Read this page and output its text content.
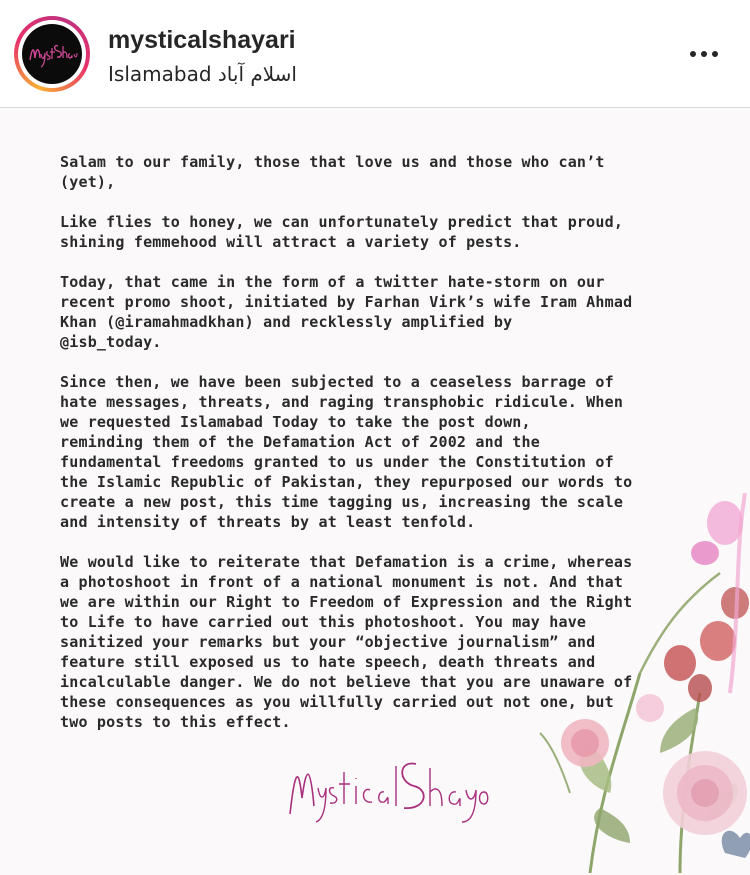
mysticalshayari
Islamabad اسلام آباد

Salam to our family, those that love us and those who can’t
(yet),

Like flies to honey, we can unfortunately predict that proud,
shining femmehood will attract a variety of pests.

Today, that came in the form of a twitter hate-storm on our
recent promo shoot, initiated by Farhan Virk’s wife Iram Ahmad
Khan (@iramahmadkhan) and recklessly amplified by
@isb_today.

Since then, we have been subjected to a ceaseless barrage of
hate messages, threats, and raging transphobic ridicule. When
we requested Islamabad Today to take the post down,
reminding them of the Defamation Act of 2002 and the
fundamental freedoms granted to us under the Constitution of
the Islamic Republic of Pakistan, they repurposed our words to
create a new post, this time tagging us, increasing the scale
and intensity of threats by at least tenfold.

We would like to reiterate that Defamation is a crime, whereas
a photoshoot in front of a national monument is not. And that
we are within our Right to Freedom of Expression and the Right
to Life to have carried out this photoshoot. You may have
sanitized your remarks but your “objective journalism” and
feature still exposed us to hate speech, death threats and
incalculable danger. We do not believe that you are unaware of
these consequences as you willfully carried out not one, but
two posts to this effect.
